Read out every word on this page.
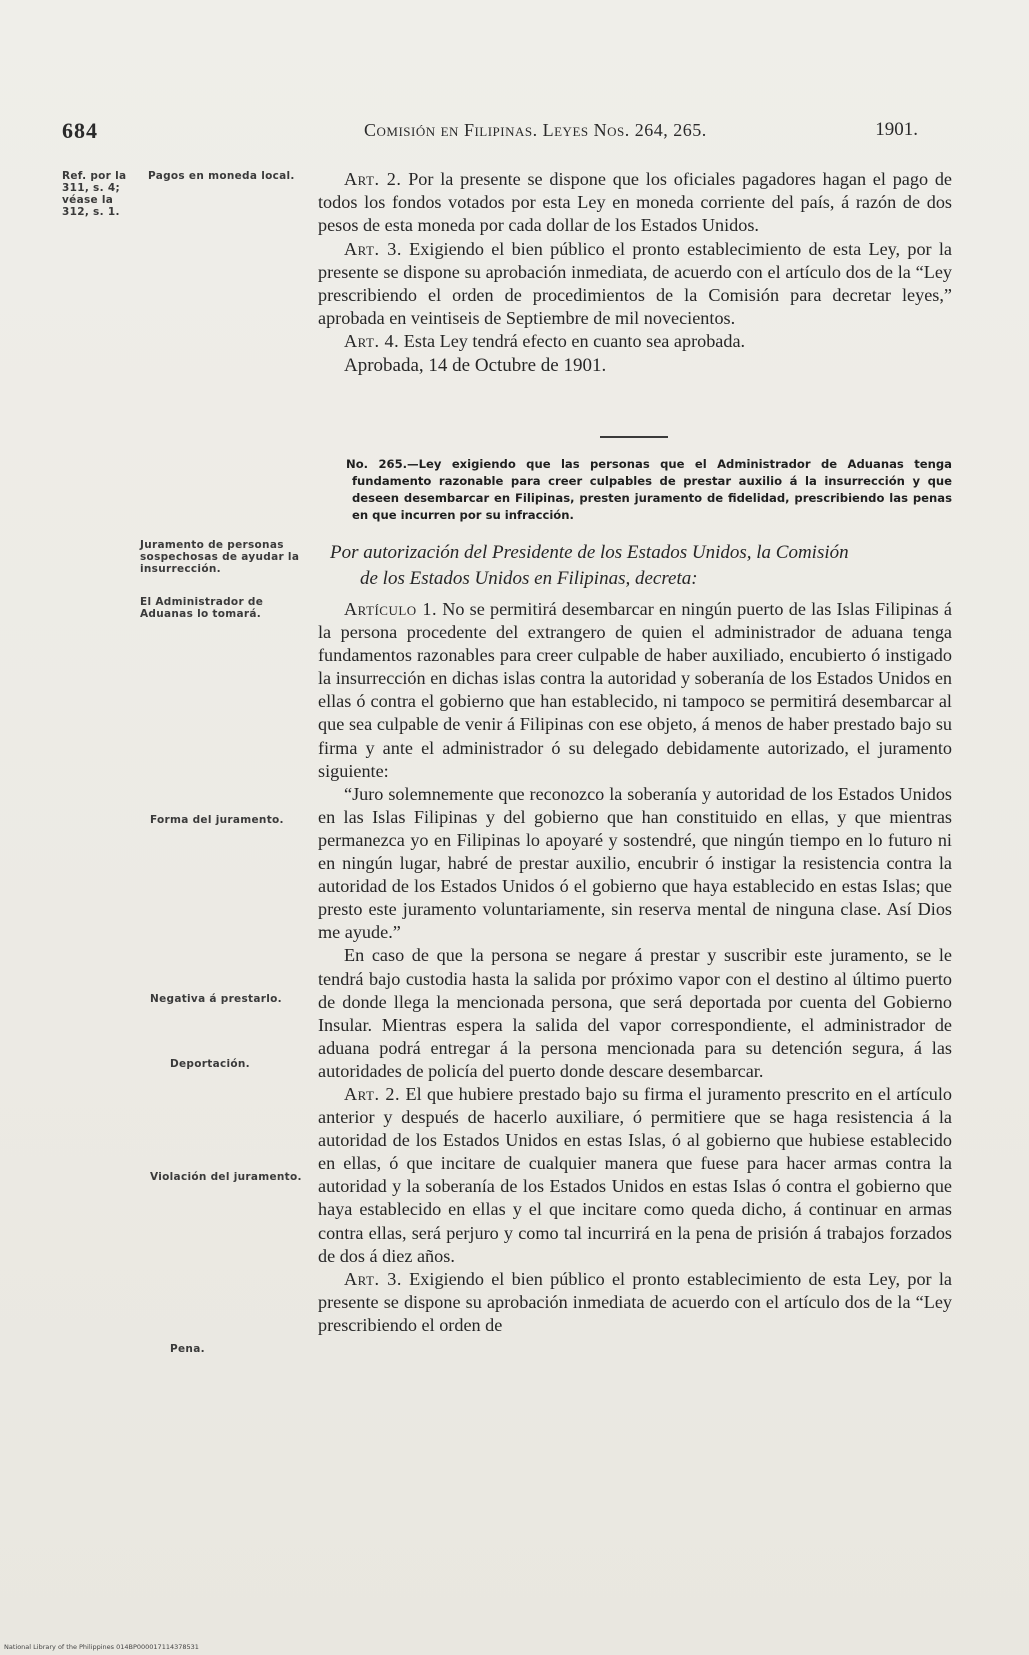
684	Comisión en Filipinas. Leyes Nos. 264, 265.	1901.
Ref. por la 311, s. 4; véase la 312, s. 1.
Pagos en moneda local.
Juramento de personas sospechosas de ayudar la insurrección.
El Administrador de Aduanas lo tomará.
Forma del juramento.
Negativa á prestarlo.
Deportación.
Violación del juramento.
Pena.

Art. 2. Por la presente se dispone que los oficiales pagadores hagan el pago de todos los fondos votados por esta Ley en moneda corriente del país, á razón de dos pesos de esta moneda por cada dollar de los Estados Unidos.

Art. 3. Exigiendo el bien público el pronto establecimiento de esta Ley, por la presente se dispone su aprobación inmediata, de acuerdo con el artículo dos de la “Ley prescribiendo el orden de procedimientos de la Comisión para decretar leyes,” aprobada en veintiseis de Septiembre de mil novecientos.

Art. 4. Esta Ley tendrá efecto en cuanto sea aprobada.

Aprobada, 14 de Octubre de 1901.

No. 265.—Ley exigiendo que las personas que el Administrador de Aduanas tenga fundamento razonable para creer culpables de prestar auxilio á la insurrección y que deseen desembarcar en Filipinas, presten juramento de fidelidad, prescribiendo las penas en que incurren por su infracción.
Por autorización del Presidente de los Estados Unidos, la Comisión
de los Estados Unidos en Filipinas, decreta:

Artículo 1. No se permitirá desembarcar en ningún puerto de las Islas Filipinas á la persona procedente del extrangero de quien el administrador de aduana tenga fundamentos razonables para creer culpable de haber auxiliado, encubierto ó instigado la insurrección en dichas islas contra la autoridad y soberanía de los Estados Unidos en ellas ó contra el gobierno que han establecido, ni tampoco se permitirá desembarcar al que sea culpable de venir á Filipinas con ese objeto, á menos de haber prestado bajo su firma y ante el administrador ó su delegado debidamente autorizado, el juramento siguiente:

“Juro solemnemente que reconozco la soberanía y autoridad de los Estados Unidos en las Islas Filipinas y del gobierno que han constituido en ellas, y que mientras permanezca yo en Filipinas lo apoyaré y sostendré, que ningún tiempo en lo futuro ni en ningún lugar, habré de prestar auxilio, encubrir ó instigar la resistencia contra la autoridad de los Estados Unidos ó el gobierno que haya establecido en estas Islas; que presto este juramento voluntariamente, sin reserva mental de ninguna clase. Así Dios me ayude.”

En caso de que la persona se negare á prestar y suscribir este juramento, se le tendrá bajo custodia hasta la salida por próximo vapor con el destino al último puerto de donde llega la mencionada persona, que será deportada por cuenta del Gobierno Insular. Mientras espera la salida del vapor correspondiente, el administrador de aduana podrá entregar á la persona mencionada para su detención segura, á las autoridades de policía del puerto donde descare desembarcar.

Art. 2. El que hubiere prestado bajo su firma el juramento prescrito en el artículo anterior y después de hacerlo auxiliare, ó permitiere que se haga resistencia á la autoridad de los Estados Unidos en estas Islas, ó al gobierno que hubiese establecido en ellas, ó que incitare de cualquier manera que fuese para hacer armas contra la autoridad y la soberanía de los Estados Unidos en estas Islas ó contra el gobierno que haya establecido en ellas y el que incitare como queda dicho, á continuar en armas contra ellas, será perjuro y como tal incurrirá en la pena de prisión á trabajos forzados de dos á diez años.

Art. 3. Exigiendo el bien público el pronto establecimiento de esta Ley, por la presente se dispone su aprobación inmediata de acuerdo con el artículo dos de la “Ley prescribiendo el orden de

National Library of the Philippines 014BP000017114378531
